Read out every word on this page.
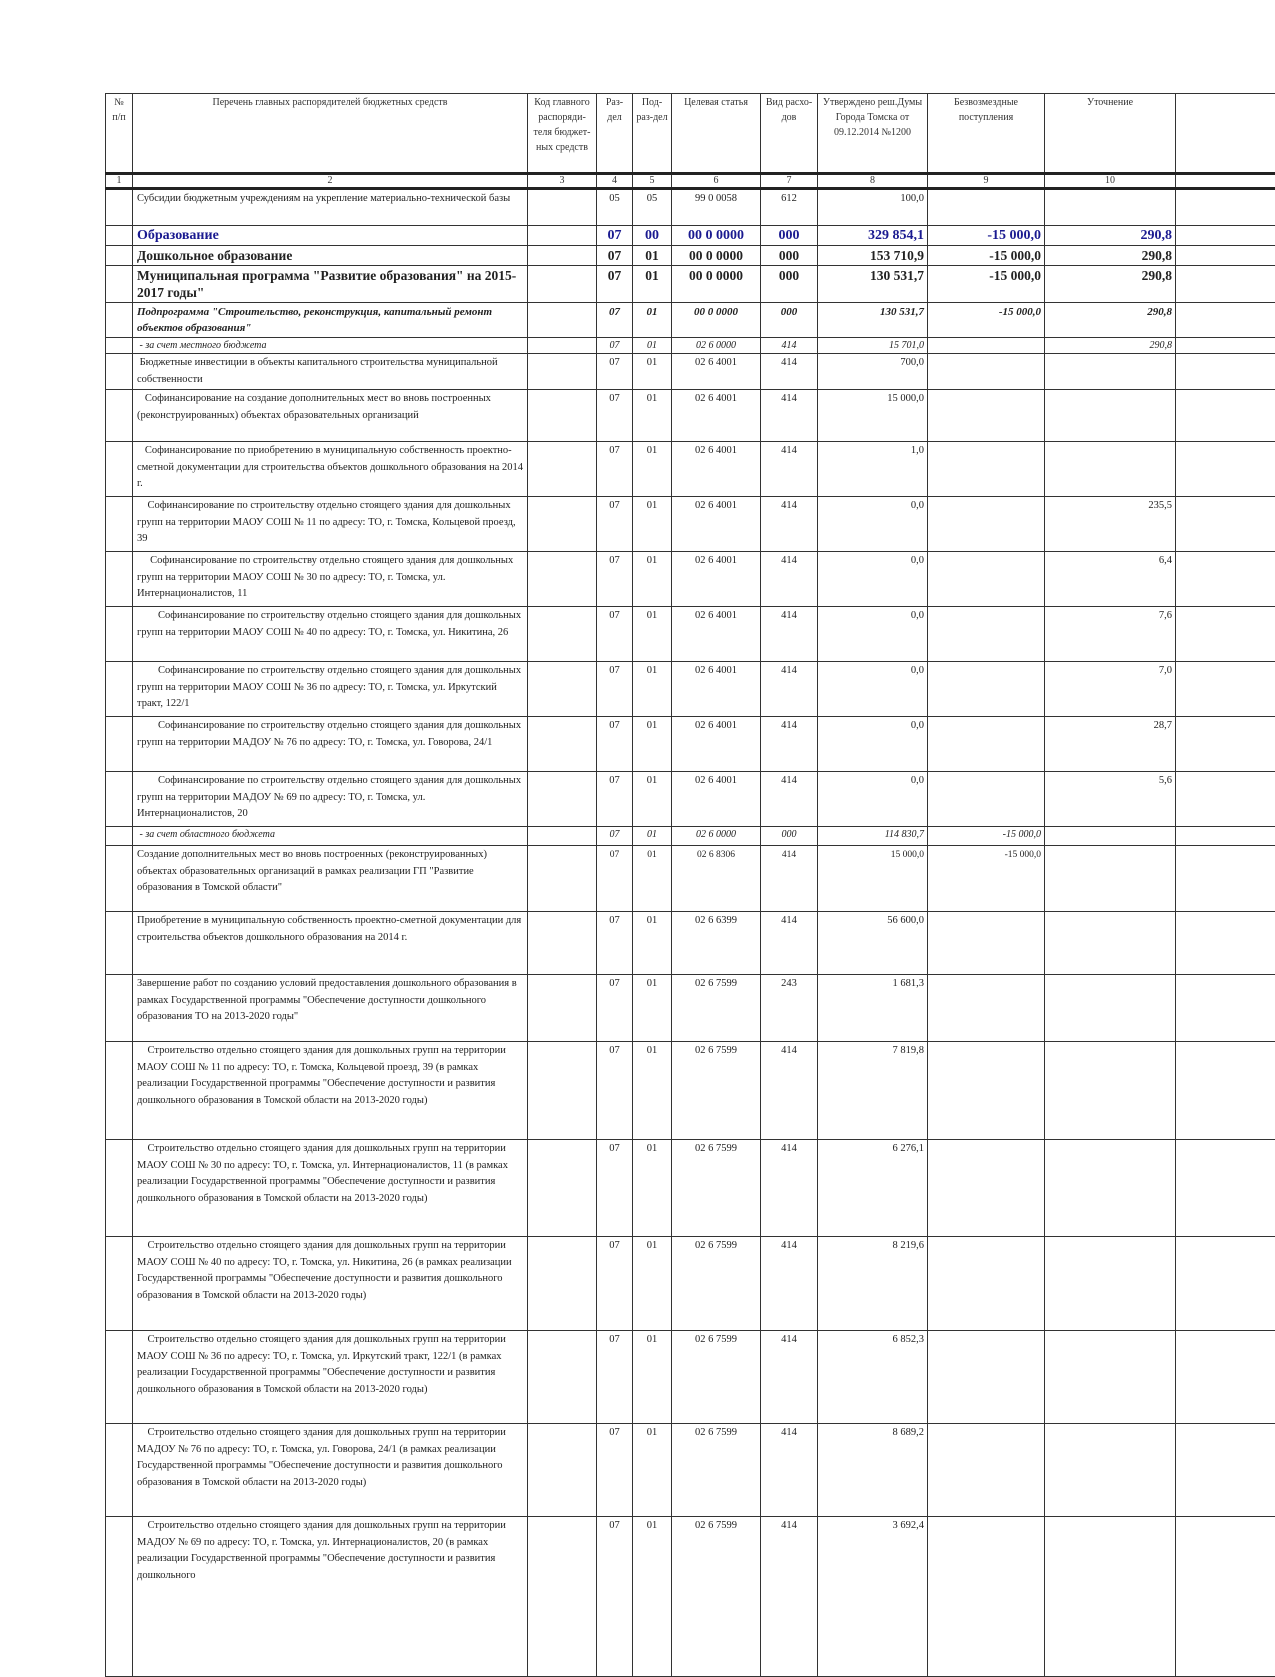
№ п/п	Перечень главных распорядителей бюджетных средств	Код главного распоряди-теля бюджет-ных средств	Раз-дел	Под-раз-дел	Целевая статья	Вид расхо-дов	Утверждено реш.Думы Города Томска от 09.12.2014 №1200	Безвозмездные поступления	Уточнение	
1	2	3	4	5	6	7	8	9	10	
	Субсидии бюджетным учреждениям на укрепление материально-технической базы		05	05	99 0 0058	612	100,0			
	Образование		07	00	00 0 0000	000	329 854,1	-15 000,0	290,8	
	Дошкольное образование		07	01	00 0 0000	000	153 710,9	-15 000,0	290,8	
	Муниципальная программа "Развитие образования" на 2015-2017 годы"		07	01	00 0 0000	000	130 531,7	-15 000,0	290,8	
	Подпрограмма "Строительство, реконструкция, капитальный ремонт объектов образования"		07	01	00 0 0000	000	130 531,7	-15 000,0	290,8	
	- за счет местного бюджета		07	01	02 6 0000	414	15 701,0		290,8	
	Бюджетные инвестиции в объекты капитального строительства муниципальной собственности		07	01	02 6 4001	414	700,0			
	Софинансирование на создание дополнительных мест во вновь построенных (реконструированных) объектах образовательных организаций		07	01	02 6 4001	414	15 000,0			
	Софинансирование по приобретению в муниципальную собственность проектно-сметной документации для строительства объектов дошкольного образования на 2014 г.		07	01	02 6 4001	414	1,0			
	Софинансирование по строительству отдельно стоящего здания для дошкольных групп на территории МАОУ СОШ № 11 по адресу: ТО, г. Томска, Кольцевой проезд, 39		07	01	02 6 4001	414	0,0		235,5	
	Софинансирование по строительству отдельно стоящего здания для дошкольных групп на территории МАОУ СОШ № 30 по адресу: ТО, г. Томска, ул. Интернационалистов, 11		07	01	02 6 4001	414	0,0		6,4	
	Софинансирование по строительству отдельно стоящего здания для дошкольных групп на территории МАОУ СОШ № 40 по адресу: ТО, г. Томска, ул. Никитина, 26		07	01	02 6 4001	414	0,0		7,6	
	Софинансирование по строительству отдельно стоящего здания для дошкольных групп на территории МАОУ СОШ № 36 по адресу: ТО, г. Томска, ул. Иркутский тракт, 122/1		07	01	02 6 4001	414	0,0		7,0	
	Софинансирование по строительству отдельно стоящего здания для дошкольных групп на территории МАДОУ № 76 по адресу: ТО, г. Томска, ул. Говорова, 24/1		07	01	02 6 4001	414	0,0		28,7	
	Софинансирование по строительству отдельно стоящего здания для дошкольных групп на территории МАДОУ № 69 по адресу: ТО, г. Томска, ул. Интернационалистов, 20		07	01	02 6 4001	414	0,0		5,6	
	- за счет областного бюджета		07	01	02 6 0000	000	114 830,7	-15 000,0		
	Создание дополнительных мест во вновь построенных (реконструированных) объектах образовательных организаций в рамках реализации ГП "Развитие образования в Томской области"		07	01	02 6 8306	414	15 000,0	-15 000,0		
	Приобретение в муниципальную собственность проектно-сметной документации для строительства объектов дошкольного образования на 2014 г.		07	01	02 6 6399	414	56 600,0			
	Завершение работ по созданию условий предоставления дошкольного образования в рамках Государственной программы "Обеспечение доступности дошкольного образования ТО на 2013-2020 годы"		07	01	02 6 7599	243	1 681,3			
	Строительство отдельно стоящего здания для дошкольных групп на территории МАОУ СОШ № 11 по адресу: ТО, г. Томска, Кольцевой проезд, 39 (в рамках реализации Государственной программы "Обеспечение доступности и развития дошкольного образования в Томской области на 2013-2020 годы)		07	01	02 6 7599	414	7 819,8			
	Строительство отдельно стоящего здания для дошкольных групп на территории МАОУ СОШ № 30 по адресу: ТО, г. Томска, ул. Интернационалистов, 11 (в рамках реализации Государственной программы "Обеспечение доступности и развития дошкольного образования в Томской области на 2013-2020 годы)		07	01	02 6 7599	414	6 276,1			
	Строительство отдельно стоящего здания для дошкольных групп на территории МАОУ СОШ № 40 по адресу: ТО, г. Томска, ул. Никитина, 26 (в рамках реализации Государственной программы "Обеспечение доступности и развития дошкольного образования в Томской области на 2013-2020 годы)		07	01	02 6 7599	414	8 219,6			
	Строительство отдельно стоящего здания для дошкольных групп на территории МАОУ СОШ № 36 по адресу: ТО, г. Томска, ул. Иркутский тракт, 122/1 (в рамках реализации Государственной программы "Обеспечение доступности и развития дошкольного образования в Томской области на 2013-2020 годы)		07	01	02 6 7599	414	6 852,3			
	Строительство отдельно стоящего здания для дошкольных групп на территории МАДОУ № 76 по адресу: ТО, г. Томска, ул. Говорова, 24/1 (в рамках реализации Государственной программы "Обеспечение доступности и развития дошкольного образования в Томской области на 2013-2020 годы)		07	01	02 6 7599	414	8 689,2			
	Строительство отдельно стоящего здания для дошкольных групп на территории МАДОУ № 69 по адресу: ТО, г. Томска, ул. Интернационалистов, 20 (в рамках реализации Государственной программы "Обеспечение доступности и развития дошкольного		07	01	02 6 7599	414	3 692,4			
